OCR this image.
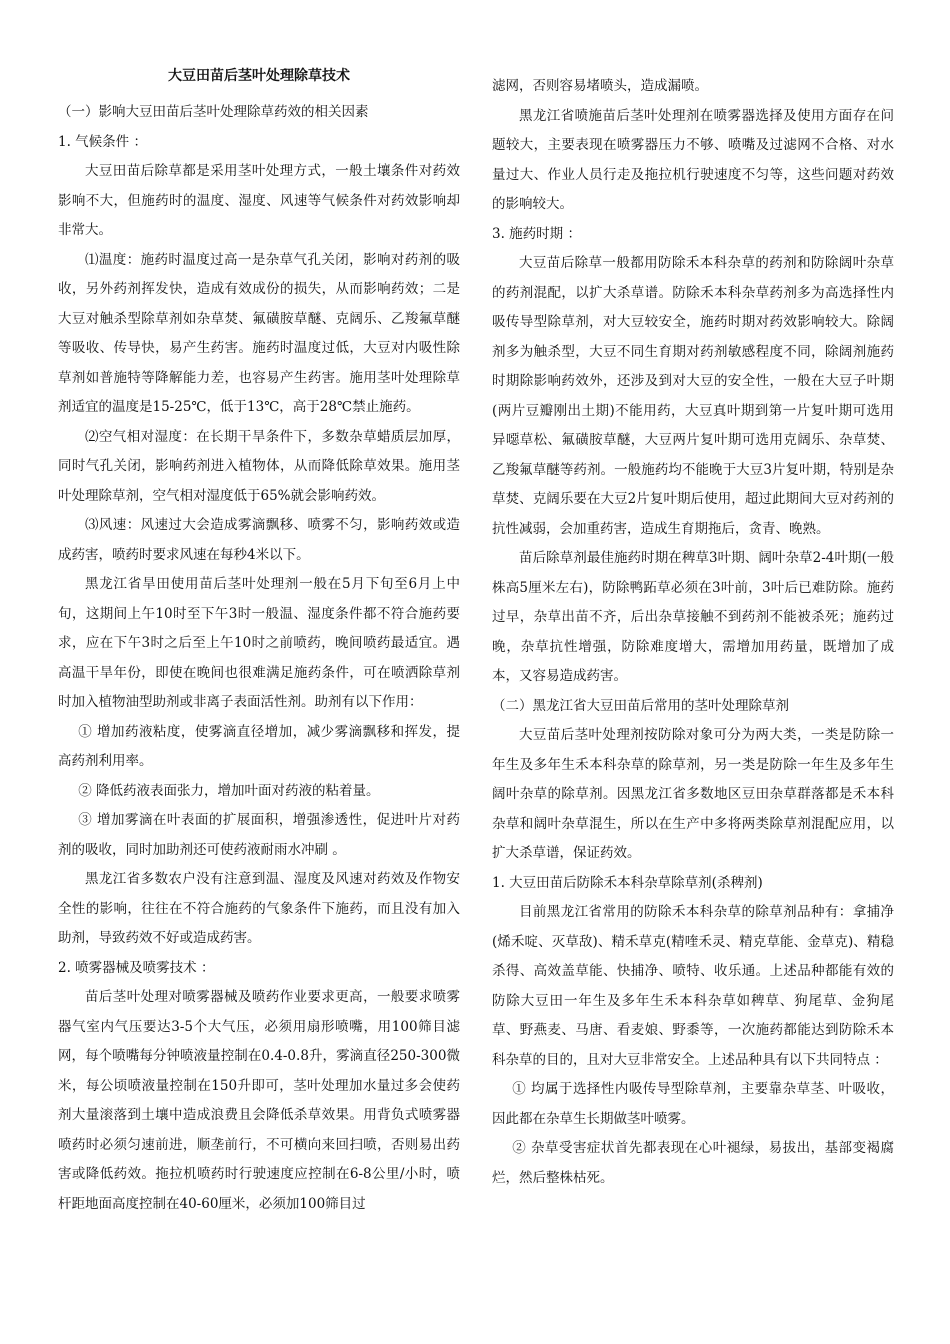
大豆田苗后茎叶处理除草技术

（一）影响大豆田苗后茎叶处理除草药效的相关因素

1. 气候条件 ：

大豆田苗后除草都是采用茎叶处理方式，一般土壤条件对药效影响不大，但施药时的温度、湿度、风速等气候条件对药效影响却非常大。

⑴温度：施药时温度过高一是杂草气孔关闭，影响对药剂的吸收，另外药剂挥发快，造成有效成份的损失，从而影响药效；二是大豆对触杀型除草剂如杂草焚、氟磺胺草醚、克阔乐、乙羧氟草醚等吸收、传导快，易产生药害。施药时温度过低，大豆对内吸性除草剂如普施特等降解能力差，也容易产生药害。施用茎叶处理除草剂适宜的温度是15-25℃，低于13℃，高于28℃禁止施药。

⑵空气相对湿度：在长期干旱条件下，多数杂草蜡质层加厚，同时气孔关闭，影响药剂进入植物体，从而降低除草效果。施用茎叶处理除草剂，空气相对湿度低于65%就会影响药效。

⑶风速：风速过大会造成雾滴飘移、喷雾不匀，影响药效或造成药害，喷药时要求风速在每秒4米以下。

黑龙江省旱田使用苗后茎叶处理剂一般在5月下旬至6月上中旬，这期间上午10时至下午3时一般温、湿度条件都不符合施药要求，应在下午3时之后至上午10时之前喷药，晚间喷药最适宜。遇高温干旱年份，即使在晚间也很难满足施药条件，可在喷洒除草剂时加入植物油型助剂或非离子表面活性剂。助剂有以下作用：

① 增加药液粘度，使雾滴直径增加，减少雾滴飘移和挥发，提高药剂利用率。

② 降低药液表面张力，增加叶面对药液的粘着量。

③ 增加雾滴在叶表面的扩展面积，增强渗透性，促进叶片对药剂的吸收，同时加助剂还可使药液耐雨水冲刷 。

黑龙江省多数农户没有注意到温、湿度及风速对药效及作物安全性的影响，往往在不符合施药的气象条件下施药，而且没有加入助剂，导致药效不好或造成药害。

2. 喷雾器械及喷雾技术 ：

苗后茎叶处理对喷雾器械及喷药作业要求更高，一般要求喷雾器气室内气压要达3-5个大气压，必须用扇形喷嘴，用100筛目滤网，每个喷嘴每分钟喷液量控制在0.4-0.8升，雾滴直径250-300微米，每公顷喷液量控制在150升即可，茎叶处理加水量过多会使药剂大量滚落到土壤中造成浪费且会降低杀草效果。用背负式喷雾器喷药时必须匀速前进，顺垄前行，不可横向来回扫喷，否则易出药害或降低药效。拖拉机喷药时行驶速度应控制在6-8公里/小时，喷杆距地面高度控制在40-60厘米，必须加100筛目过

滤网，否则容易堵喷头，造成漏喷。

黑龙江省喷施苗后茎叶处理剂在喷雾器选择及使用方面存在问题较大，主要表现在喷雾器压力不够、喷嘴及过滤网不合格、对水量过大、作业人员行走及拖拉机行驶速度不匀等，这些问题对药效的影响较大。

3. 施药时期 ：

大豆苗后除草一般都用防除禾本科杂草的药剂和防除阔叶杂草的药剂混配，以扩大杀草谱。防除禾本科杂草药剂多为高选择性内吸传导型除草剂，对大豆较安全，施药时期对药效影响较大。除阔剂多为触杀型，大豆不同生育期对药剂敏感程度不同，除阔剂施药时期除影响药效外，还涉及到对大豆的安全性，一般在大豆子叶期(两片豆瓣刚出土期)不能用药，大豆真叶期到第一片复叶期可选用异噁草松、氟磺胺草醚，大豆两片复叶期可选用克阔乐、杂草焚、乙羧氟草醚等药剂。一般施药均不能晚于大豆3片复叶期，特别是杂草焚、克阔乐要在大豆2片复叶期后使用，超过此期间大豆对药剂的抗性减弱，会加重药害，造成生育期拖后，贪青、晚熟。

苗后除草剂最佳施药时期在稗草3叶期、阔叶杂草2-4叶期(一般株高5厘米左右)，防除鸭跖草必须在3叶前，3叶后已难防除。施药过早，杂草出苗不齐，后出杂草接触不到药剂不能被杀死；施药过晚，杂草抗性增强，防除难度增大，需增加用药量，既增加了成本，又容易造成药害。

（二）黑龙江省大豆田苗后常用的茎叶处理除草剂

大豆苗后茎叶处理剂按防除对象可分为两大类，一类是防除一年生及多年生禾本科杂草的除草剂，另一类是防除一年生及多年生阔叶杂草的除草剂。因黑龙江省多数地区豆田杂草群落都是禾本科杂草和阔叶杂草混生，所以在生产中多将两类除草剂混配应用，以扩大杀草谱，保证药效。

1. 大豆田苗后防除禾本科杂草除草剂(杀稗剂)

目前黑龙江省常用的防除禾本科杂草的除草剂品种有：拿捕净(烯禾啶、灭草敌)、精禾草克(精喹禾灵、精克草能、金草克)、精稳杀得、高效盖草能、快捕净、喷特、收乐通。上述品种都能有效的防除大豆田一年生及多年生禾本科杂草如稗草、狗尾草、金狗尾草、野燕麦、马唐、看麦娘、野黍等，一次施药都能达到防除禾本科杂草的目的，且对大豆非常安全。上述品种具有以下共同特点 ：

① 均属于选择性内吸传导型除草剂，主要靠杂草茎、叶吸收，因此都在杂草生长期做茎叶喷雾。

② 杂草受害症状首先都表现在心叶褪绿，易拔出，基部变褐腐烂，然后整株枯死。
